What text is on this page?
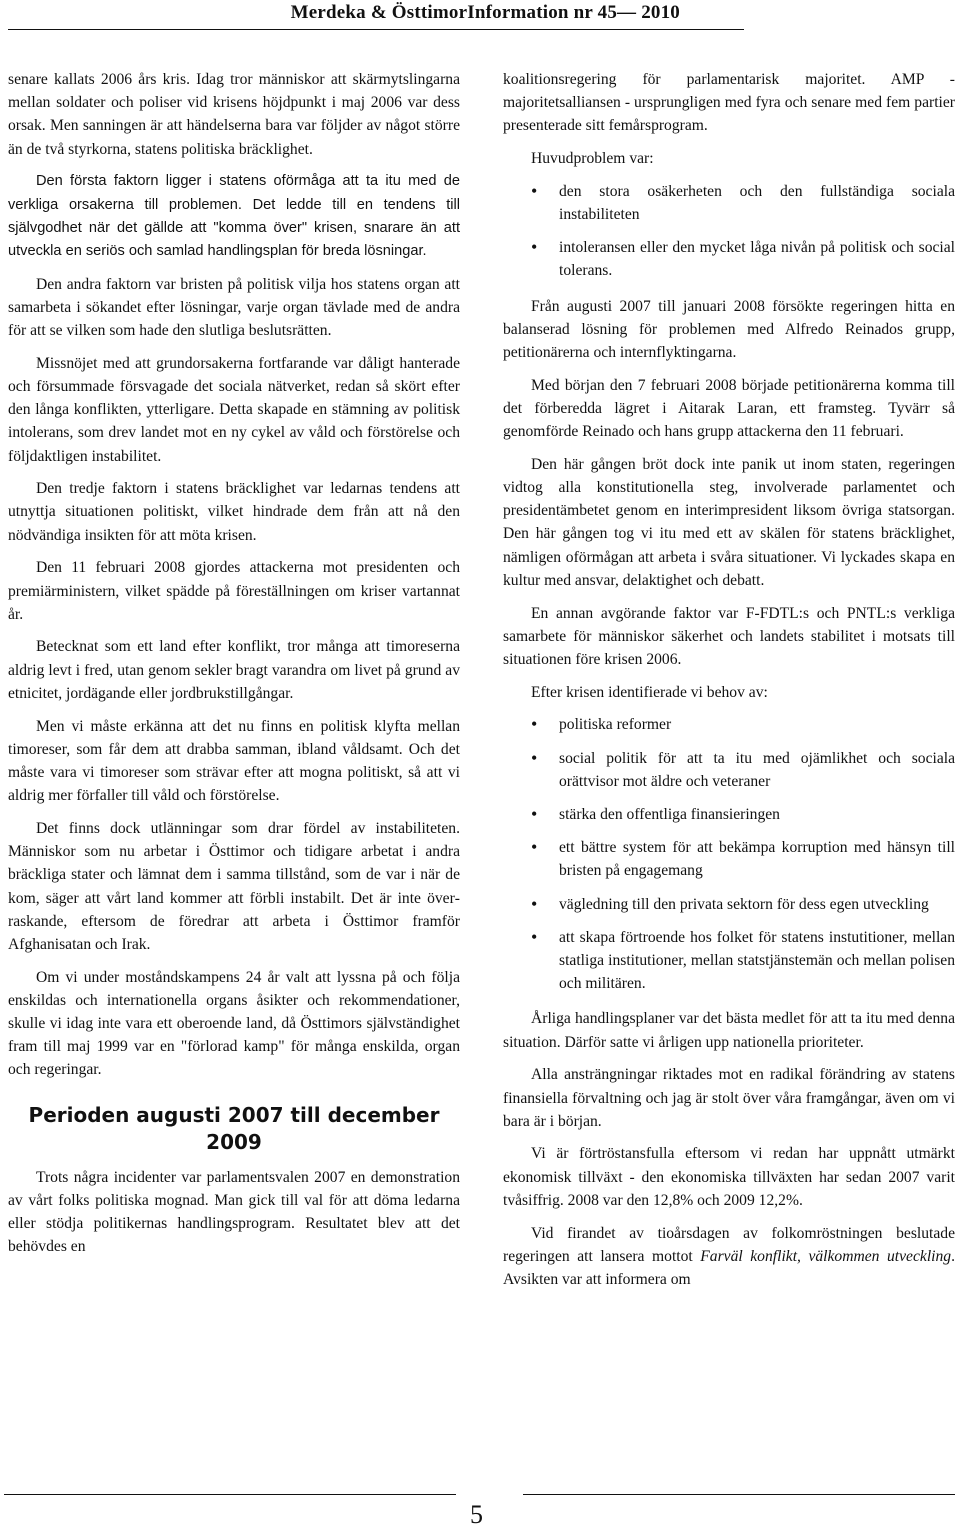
Merdeka & ÖsttimorInformation nr 45— 2010

senare kallats 2006 års kris. Idag tror människor att skärmytslingarna mellan soldater och poliser vid krisens höjdpunkt i maj 2006 var dess orsak. Men sanningen är att händelserna bara var följder av något större än de två styrkorna, statens politiska bräcklighet.

Den första faktorn ligger i statens oförmåga att ta itu med de verkliga orsakerna till problemen. Det ledde till en tendens till självgodhet när det gällde att "komma över" krisen, snarare än att utveckla en seriös och samlad handlingsplan för breda lösningar.

Den andra faktorn var bristen på politisk vilja hos statens organ att samarbeta i sökandet efter lösningar, varje organ tävlade med de andra för att se vilken som hade den slutliga beslutsrätten.

Missnöjet med att grundorsakerna fortfarande var dåligt hanterade och försummade försvagade det sociala nätverket, redan så skört efter den långa konflikten, ytterligare. Detta skapade en stämning av politisk intolerans, som drev landet mot en ny cykel av våld och förstörelse och följdaktligen instabilitet.

Den tredje faktorn i statens bräcklighet var ledarnas tendens att utnyttja situationen politiskt, vilket hindrade dem från att nå den nödvändiga insikten för att möta krisen.

Den 11 februari 2008 gjordes attackerna mot presidenten och premiärministern, vilket spädde på föreställningen om kriser vartannat år.

Betecknat som ett land efter konflikt, tror många att timoreserna aldrig levt i fred, utan genom sekler bragt varandra om livet på grund av etnicitet, jordägande eller jordbrukstillgångar.

Men vi måste erkänna att det nu finns en politisk klyfta mellan timoreser, som får dem att drabba samman, ibland våldsamt. Och det måste vara vi timoreser som strävar efter att mogna politiskt, så att vi aldrig mer förfaller till våld och förstörelse.

Det finns dock utlänningar som drar fördel av instabiliteten. Människor som nu arbetar i Östtimor och tidigare arbetat i andra bräckliga stater och lämnat dem i samma tillstånd, som de var i när de kom, säger att vårt land kommer att förbli instabilt. Det är inte överraskande, eftersom de föredrar att arbeta i Östtimor framför Afghanisatan och Irak.

Om vi under moståndskampens 24 år valt att lyssna på och följa enskildas och internationella organs åsikter och rekommendationer, skulle vi idag inte vara ett oberoende land, då Östtimors självständighet fram till maj 1999 var en "förlorad kamp" för många enskilda, organ och regeringar.

Perioden augusti 2007 till december 2009

Trots några incidenter var parlamentsvalen 2007 en demonstration av vårt folks politiska mognad. Man gick till val för att döma ledarna eller stödja politikernas handlingsprogram. Resultatet blev att det behövdes en

koalitionsregering för parlamentarisk majoritet. AMP - majoritetsalliansen - ursprungligen med fyra och senare med fem partier presenterade sitt femårsprogram.

Huvudproblem var:

• den stora osäkerheten och den fullständiga sociala instabiliteten
• intoleransen eller den mycket låga nivån på politisk och social tolerans.

Från augusti 2007 till januari 2008 försökte regeringen hitta en balanserad lösning för problemen med Alfredo Reinados grupp, petitionärerna och internflyktingarna.

Med början den 7 februari 2008 började petitionärerna komma till det förberedda lägret i Aitarak Laran, ett framsteg. Tyvärr så genomförde Reinado och hans grupp attackerna den 11 februari.

Den här gången bröt dock inte panik ut inom staten, regeringen vidtog alla konstitutionella steg, involverade parlamentet och presidentämbetet genom en interimpresident liksom övriga statsorgan. Den här gången tog vi itu med ett av skälen för statens bräcklighet, nämligen oförmågan att arbeta i svåra situationer. Vi lyckades skapa en kultur med ansvar, delaktighet och debatt.

En annan avgörande faktor var F-FDTL:s och PNTL:s verkliga samarbete för människor säkerhet och landets stabilitet i motsats till situationen före krisen 2006.

Efter krisen identifierade vi behov av:

• politiska reformer
• social politik för att ta itu med ojämlikhet och sociala orättvisor mot äldre och veteraner
• stärka den offentliga finansieringen
• ett bättre system för att bekämpa korruption med hänsyn till bristen på engagemang
• vägledning till den privata sektorn för dess egen utveckling
• att skapa förtroende hos folket för statens instutitioner, mellan statliga institutioner, mellan statstjänstemän och mellan polisen och militären.

Årliga handlingsplaner var det bästa medlet för att ta itu med denna situation. Därför satte vi årligen upp nationella prioriteter.

Alla ansträngningar riktades mot en radikal förändring av statens finansiella förvaltning och jag är stolt över våra framgångar, även om vi bara är i början.

Vi är förtröstansfulla eftersom vi redan har uppnått utmärkt ekonomisk tillväxt - den ekonomiska tillväxten har sedan 2007 varit tvåsiffrig. 2008 var den 12,8% och 2009 12,2%.

Vid firandet av tioårsdagen av folkomröstningen beslutade regeringen att lansera mottot Farväl konflikt, välkommen utveckling. Avsikten var att informera om

5
